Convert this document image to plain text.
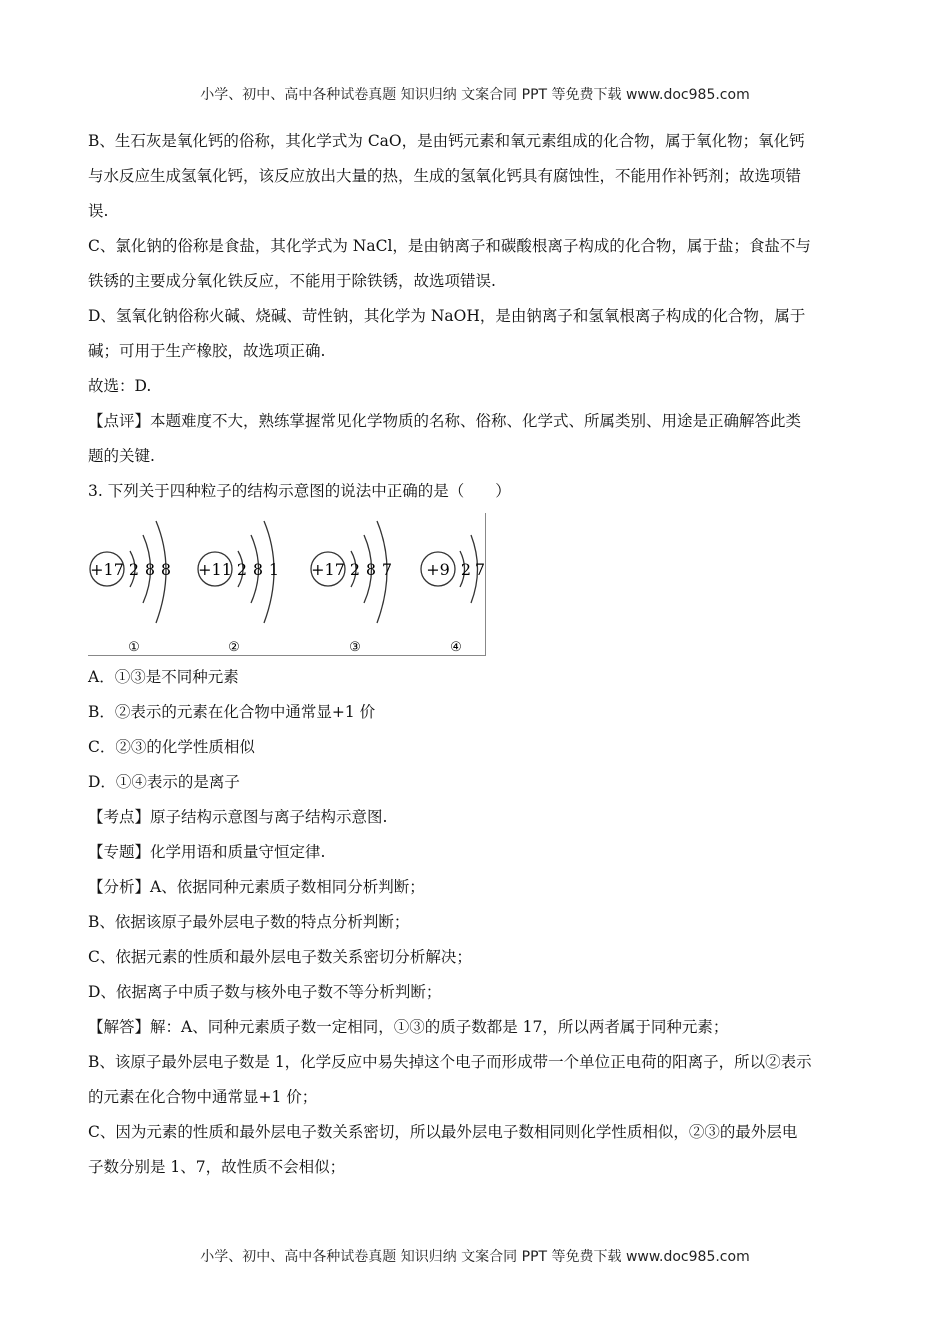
小学、初中、高中各种试卷真题 知识归纳 文案合同 PPT 等免费下载 www.doc985.com
B、生石灰是氧化钙的俗称，其化学式为 CaO，是由钙元素和氧元素组成的化合物，属于氧化物；氧化钙
与水反应生成氢氧化钙，该反应放出大量的热，生成的氢氧化钙具有腐蚀性，不能用作补钙剂；故选项错
误.
C、氯化钠的俗称是食盐，其化学式为 NaCl，是由钠离子和碳酸根离子构成的化合物，属于盐；食盐不与
铁锈的主要成分氧化铁反应，不能用于除铁锈，故选项错误.
D、氢氧化钠俗称火碱、烧碱、苛性钠，其化学为 NaOH，是由钠离子和氢氧根离子构成的化合物，属于
碱；可用于生产橡胶，故选项正确.
故选：D.
【点评】本题难度不大，熟练掌握常见化学物质的名称、俗称、化学式、所属类别、用途是正确解答此类
题的关键.
3. 下列关于四种粒子的结构示意图的说法中正确的是（　　）
+17 2 8 8
①
+11 2 8 1
②
+17 2 8 7
③
+9 2 7
④
A．①③是不同种元素
B．②表示的元素在化合物中通常显+1 价
C．②③的化学性质相似
D．①④表示的是离子
【考点】原子结构示意图与离子结构示意图.
【专题】化学用语和质量守恒定律.
【分析】A、依据同种元素质子数相同分析判断；
B、依据该原子最外层电子数的特点分析判断；
C、依据元素的性质和最外层电子数关系密切分析解决；
D、依据离子中质子数与核外电子数不等分析判断；
【解答】解：A、同种元素质子数一定相同，①③的质子数都是 17，所以两者属于同种元素；
B、该原子最外层电子数是 1，化学反应中易失掉这个电子而形成带一个单位正电荷的阳离子，所以②表示
的元素在化合物中通常显+1 价；
C、因为元素的性质和最外层电子数关系密切，所以最外层电子数相同则化学性质相似，②③的最外层电
子数分别是 1、7，故性质不会相似；
小学、初中、高中各种试卷真题 知识归纳 文案合同 PPT 等免费下载 www.doc985.com
